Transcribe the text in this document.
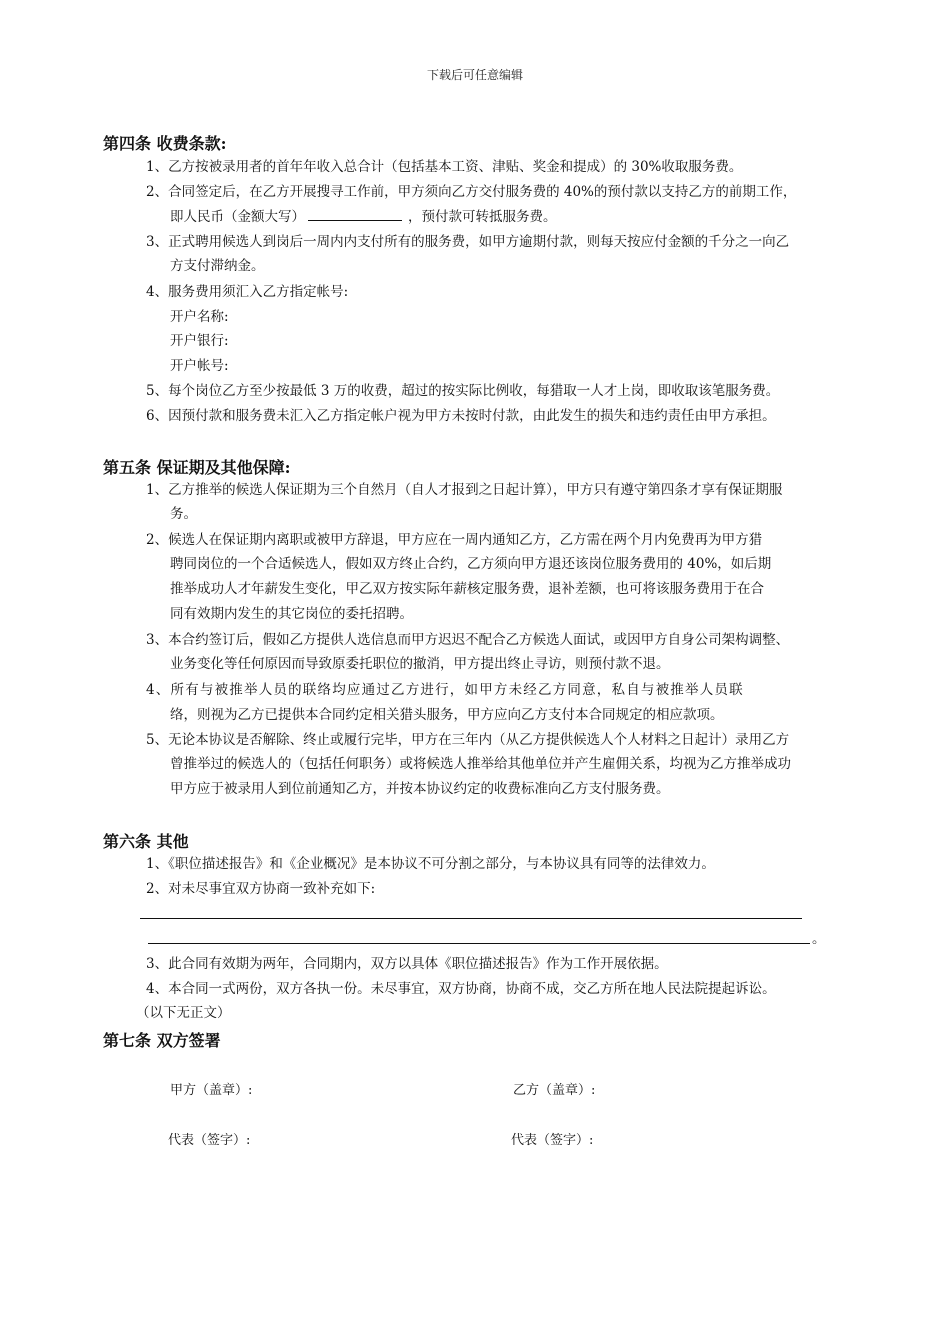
下载后可任意编辑
第四条 收费条款:
1、乙方按被录用者的首年年收入总合计（包括基本工资、津贴、奖金和提成）的 30%收取服务费。
2、合同签定后，在乙方开展搜寻工作前，甲方须向乙方交付服务费的 40%的预付款以支持乙方的前期工作，
即人民币（金额大写）	，预付款可转抵服务费。
3、正式聘用候选人到岗后一周内内支付所有的服务费，如甲方逾期付款，则每天按应付金额的千分之一向乙
方支付滞纳金。
4、服务费用须汇入乙方指定帐号:
开户名称:
开户银行:
开户帐号:
5、每个岗位乙方至少按最低 3 万的收费，超过的按实际比例收，每猎取一人才上岗，即收取该笔服务费。
6、因预付款和服务费未汇入乙方指定帐户视为甲方未按时付款，由此发生的损失和违约责任由甲方承担。
第五条 保证期及其他保障:
1、乙方推举的候选人保证期为三个自然月（自人才报到之日起计算），甲方只有遵守第四条才享有保证期服
务。
2、候选人在保证期内离职或被甲方辞退，甲方应在一周内通知乙方，乙方需在两个月内免费再为甲方猎
聘同岗位的一个合适候选人，假如双方终止合约，乙方须向甲方退还该岗位服务费用的 40%，如后期
推举成功人才年薪发生变化，甲乙双方按实际年薪核定服务费，退补差额，也可将该服务费用于在合
同有效期内发生的其它岗位的委托招聘。
3、本合约签订后，假如乙方提供人选信息而甲方迟迟不配合乙方候选人面试，或因甲方自身公司架构调整、
业务变化等任何原因而导致原委托职位的撤消，甲方提出终止寻访，则预付款不退。
4、所有与被推举人员的联络均应通过乙方进行，如甲方未经乙方同意，私自与被推举人员联
络，则视为乙方已提供本合同约定相关猎头服务，甲方应向乙方支付本合同规定的相应款项。
5、无论本协议是否解除、终止或履行完毕，甲方在三年内（从乙方提供候选人个人材料之日起计）录用乙方
曾推举过的候选人的（包括任何职务）或将候选人推举给其他单位并产生雇佣关系，均视为乙方推举成功
甲方应于被录用人到位前通知乙方，并按本协议约定的收费标准向乙方支付服务费。
第六条 其他
1、《职位描述报告》和《企业概况》是本协议不可分割之部分，与本协议具有同等的法律效力。
2、对未尽事宜双方协商一致补充如下:
。
3、此合同有效期为两年，合同期内，双方以具体《职位描述报告》作为工作开展依据。
4、本合同一式两份，双方各执一份。未尽事宜，双方协商，协商不成，交乙方所在地人民法院提起诉讼。
（以下无正文）
第七条 双方签署
甲方（盖章）:	乙方（盖章）:
代表（签字）:	代表（签字）:
